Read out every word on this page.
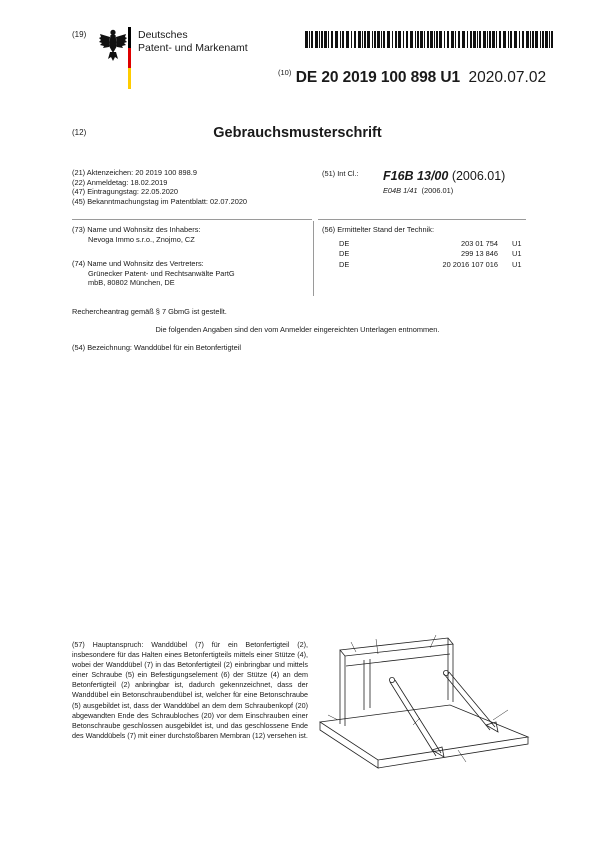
(19)	Deutsches
Patent- und Markenamt
$^{(10)}$ DE 20 2019 100 898 U1 2020.07.02
(12)	Gebrauchsmusterschrift
(21) Aktenzeichen: 20 2019 100 898.9
(22) Anmeldetag: 18.02.2019
(47) Eintragungstag: 22.05.2020
(45) Bekanntmachungstag im Patentblatt: 02.07.2020
(51) Int Cl.: F16B 13/00 (2006.01)
E04B 1/41 (2006.01)
(73) Name und Wohnsitz des Inhabers:
Nevoga Immo s.r.o., Znojmo, CZ
(74) Name und Wohnsitz des Vertreters:
Grünecker Patent- und Rechtsanwälte PartG
mbB, 80802 München, DE
(56) Ermittelter Stand der Technik:
DE	203 01 754	U1
DE	299 13 846	U1
DE	20 2016 107 016	U1
Rechercheantrag gemäß § 7 GbmG ist gestellt.
Die folgenden Angaben sind den vom Anmelder eingereichten Unterlagen entnommen.
(54) Bezeichnung: Wanddübel für ein Betonfertigteil
(57) Hauptanspruch: Wanddübel (7) für ein Betonfertigteil (2), insbesondere für das Halten eines Betonfertigteils mittels einer Stütze (4), wobei der Wanddübel (7) in das Betonfertigteil (2) einbringbar und mittels einer Schraube (5) ein Befestigungselement (6) der Stütze (4) an dem Betonfertigteil (2) anbringbar ist, dadurch gekennzeichnet, dass der Wanddübel ein Betonschraubendübel ist, welcher für eine Betonschraube (5) ausgebildet ist, dass der Wanddübel an dem dem Schraubenkopf (20) abgewandten Ende des Schraubloches (20) vor dem Einschrauben einer Betonschraube geschlossen ausgebildet ist, und das geschlossene Ende des Wanddübels (7) mit einer durchstoßbaren Membran (12) versehen ist.
